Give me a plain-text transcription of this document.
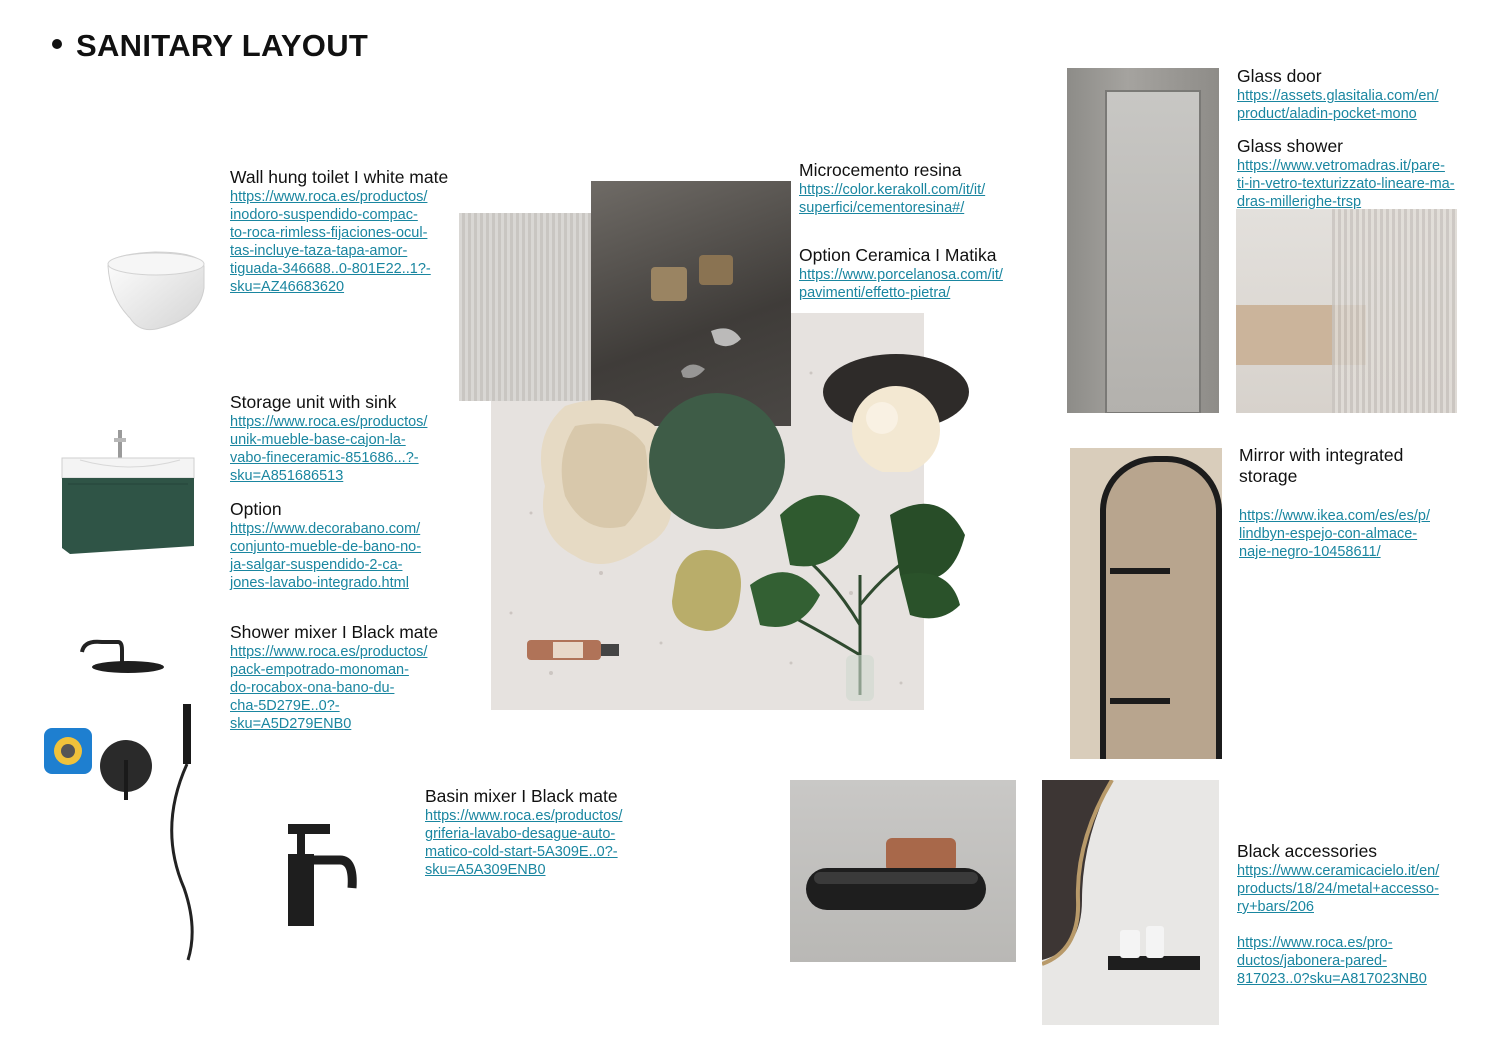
SANITARY LAYOUT
Wall hung toilet I white mate
https://www.roca.es/productos/
inodoro-suspendido-compac-
to-roca-rimless-fijaciones-ocul-
tas-incluye-taza-tapa-amor-
tiguada-346688..0-801E22..1?-
sku=AZ46683620
Storage unit with sink
https://www.roca.es/productos/
unik-mueble-base-cajon-la-
vabo-fineceramic-851686...?-
sku=A851686513
Option
https://www.decorabano.com/
conjunto-mueble-de-bano-no-
ja-salgar-suspendido-2-ca-
jones-lavabo-integrado.html
Shower mixer I Black mate
https://www.roca.es/productos/
pack-empotrado-monoman-
do-rocabox-ona-bano-du-
cha-5D279E..0?-
sku=A5D279ENB0
Basin mixer I Black mate
https://www.roca.es/productos/
griferia-lavabo-desague-auto-
matico-cold-start-5A309E..0?-
sku=A5A309ENB0
Microcemento resina
https://color.kerakoll.com/it/it/
superfici/cementoresina#/
Option Ceramica I Matika
https://www.porcelanosa.com/it/
pavimenti/effetto-pietra/
Glass door
https://assets.glasitalia.com/en/
product/aladin-pocket-mono
Glass shower
https://www.vetromadras.it/pare-
ti-in-vetro-texturizzato-lineare-ma-
dras-millerighe-trsp
Mirror with integrated
storage
https://www.ikea.com/es/es/p/
lindbyn-espejo-con-almace-
naje-negro-10458611/
Black accessories
https://www.ceramicacielo.it/en/
products/18/24/metal+accesso-
ry+bars/206
https://www.roca.es/pro-
ductos/jabonera-pared-
817023..0?sku=A817023NB0
